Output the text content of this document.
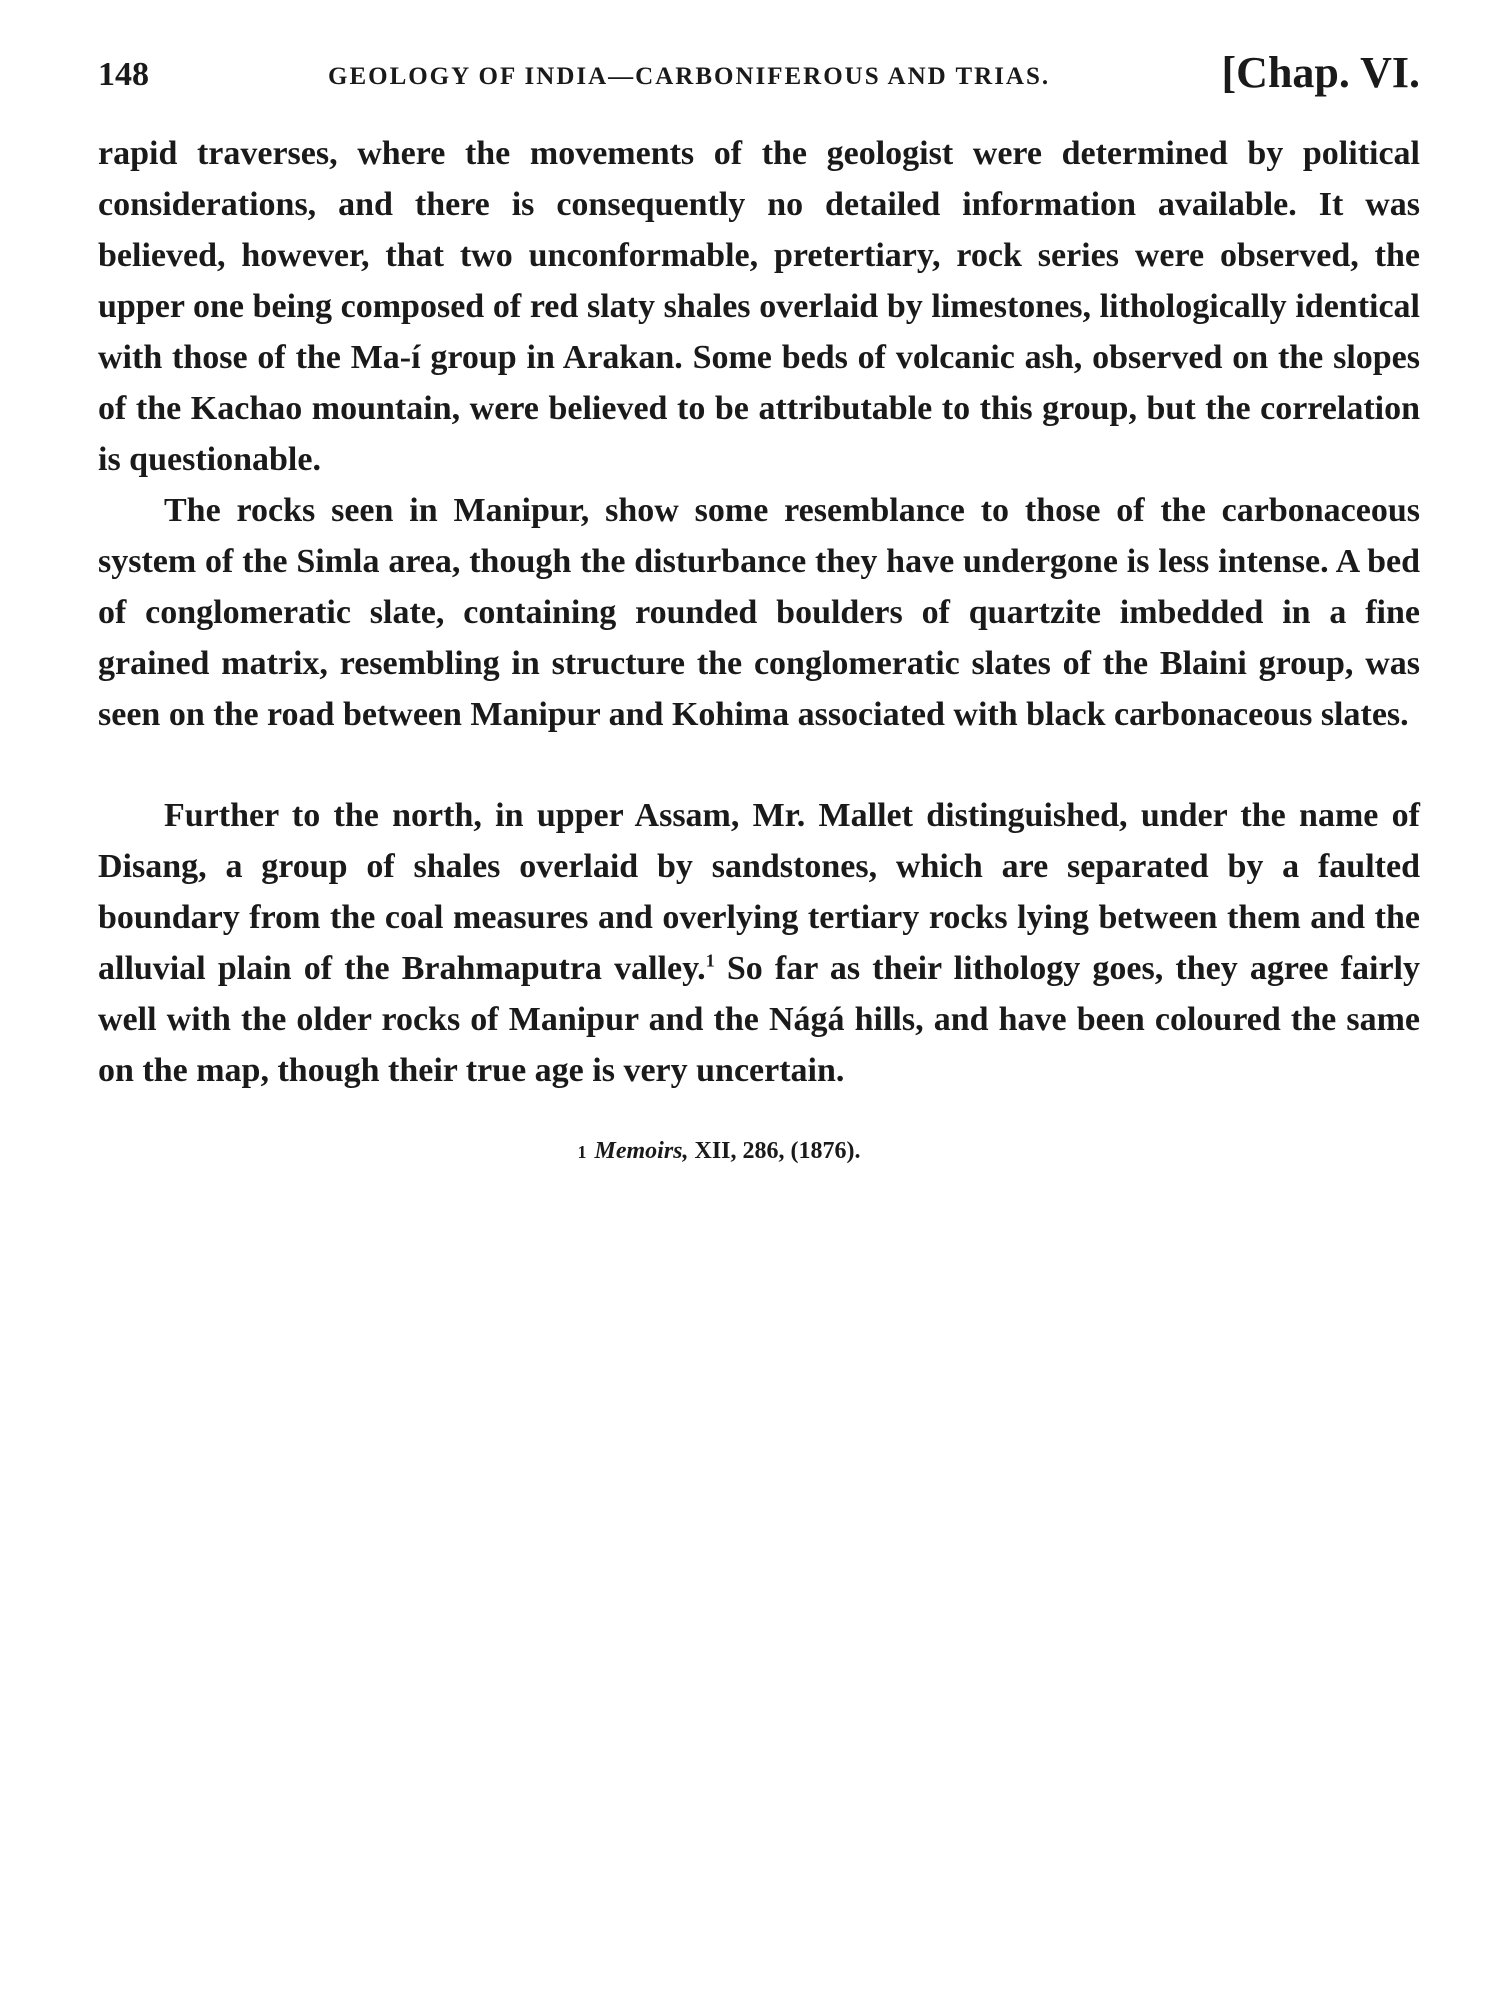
148	GEOLOGY OF INDIA—CARBONIFEROUS AND TRIAS.	[Chap. VI.

rapid traverses, where the movements of the geologist were determined by political considerations, and there is consequently no detailed information available. It was believed, however, that two unconformable, pretertiary, rock series were observed, the upper one being composed of red slaty shales overlaid by limestones, lithologically identical with those of the Ma-í group in Arakan. Some beds of volcanic ash, observed on the slopes of the Kachao mountain, were believed to be attributable to this group, but the correlation is questionable.

The rocks seen in Manipur, show some resemblance to those of the carbonaceous system of the Simla area, though the disturbance they have undergone is less intense. A bed of conglomeratic slate, containing rounded boulders of quartzite imbedded in a fine grained matrix, resembling in structure the conglomeratic slates of the Blaini group, was seen on the road between Manipur and Kohima associated with black carbonaceous slates.

Further to the north, in upper Assam, Mr. Mallet distinguished, under the name of Disang, a group of shales overlaid by sandstones, which are separated by a faulted boundary from the coal measures and overlying tertiary rocks lying between them and the alluvial plain of the Brahmaputra valley.$^1$ So far as their lithology goes, they agree fairly well with the older rocks of Manipur and the Nágá hills, and have been coloured the same on the map, though their true age is very uncertain.

1 Memoirs, XII, 286, (1876).
